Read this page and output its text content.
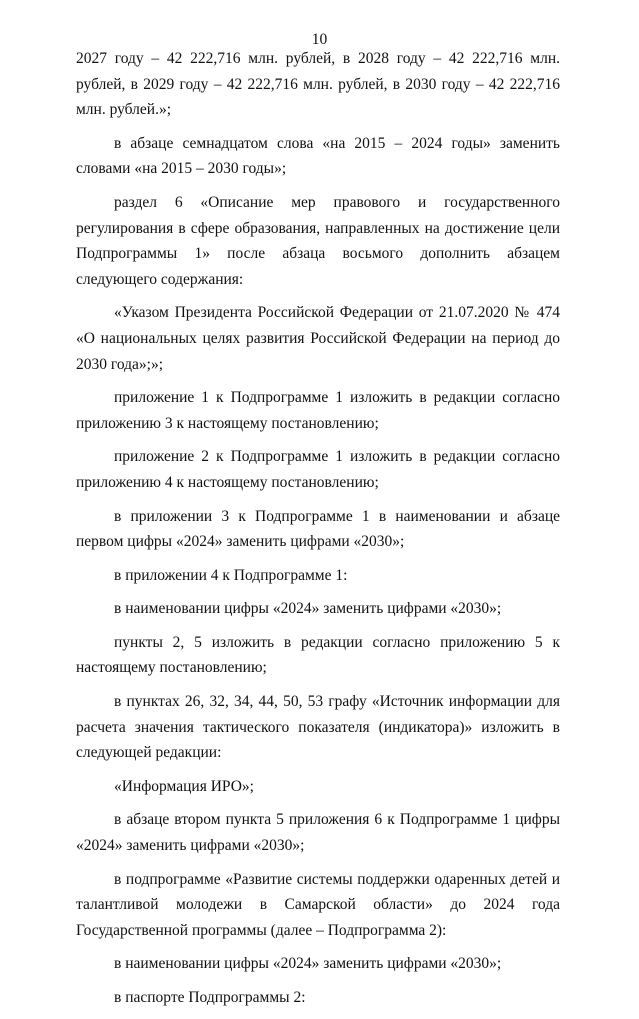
10

2027 году – 42 222,716 млн. рублей, в 2028 году – 42 222,716 млн. рублей, в 2029 году – 42 222,716 млн. рублей, в 2030 году – 42 222,716 млн. рублей.»;

в абзаце семнадцатом слова «на 2015 – 2024 годы» заменить словами «на 2015 – 2030 годы»;

раздел 6 «Описание мер правового и государственного регулирования в сфере образования, направленных на достижение цели Подпрограммы 1» после абзаца восьмого дополнить абзацем следующего содержания:

«Указом Президента Российской Федерации от 21.07.2020 № 474 «О национальных целях развития Российской Федерации на период до 2030 года»;»;

приложение 1 к Подпрограмме 1 изложить в редакции согласно приложению 3 к настоящему постановлению;

приложение 2 к Подпрограмме 1 изложить в редакции согласно приложению 4 к настоящему постановлению;

в приложении 3 к Подпрограмме 1 в наименовании и абзаце первом цифры «2024» заменить цифрами «2030»;

в приложении 4 к Подпрограмме 1:

в наименовании цифры «2024» заменить цифрами «2030»;

пункты 2, 5 изложить в редакции согласно приложению 5 к настоящему постановлению;

в пунктах 26, 32, 34, 44, 50, 53 графу «Источник информации для расчета значения тактического показателя (индикатора)» изложить в следующей редакции:

«Информация ИРО»;

в абзаце втором пункта 5 приложения 6 к Подпрограмме 1 цифры «2024» заменить цифрами «2030»;

в подпрограмме «Развитие системы поддержки одаренных детей и талантливой молодежи в Самарской области» до 2024 года Государственной программы (далее – Подпрограмма 2):

в наименовании цифры «2024» заменить цифрами «2030»;

в паспорте Подпрограммы 2:
